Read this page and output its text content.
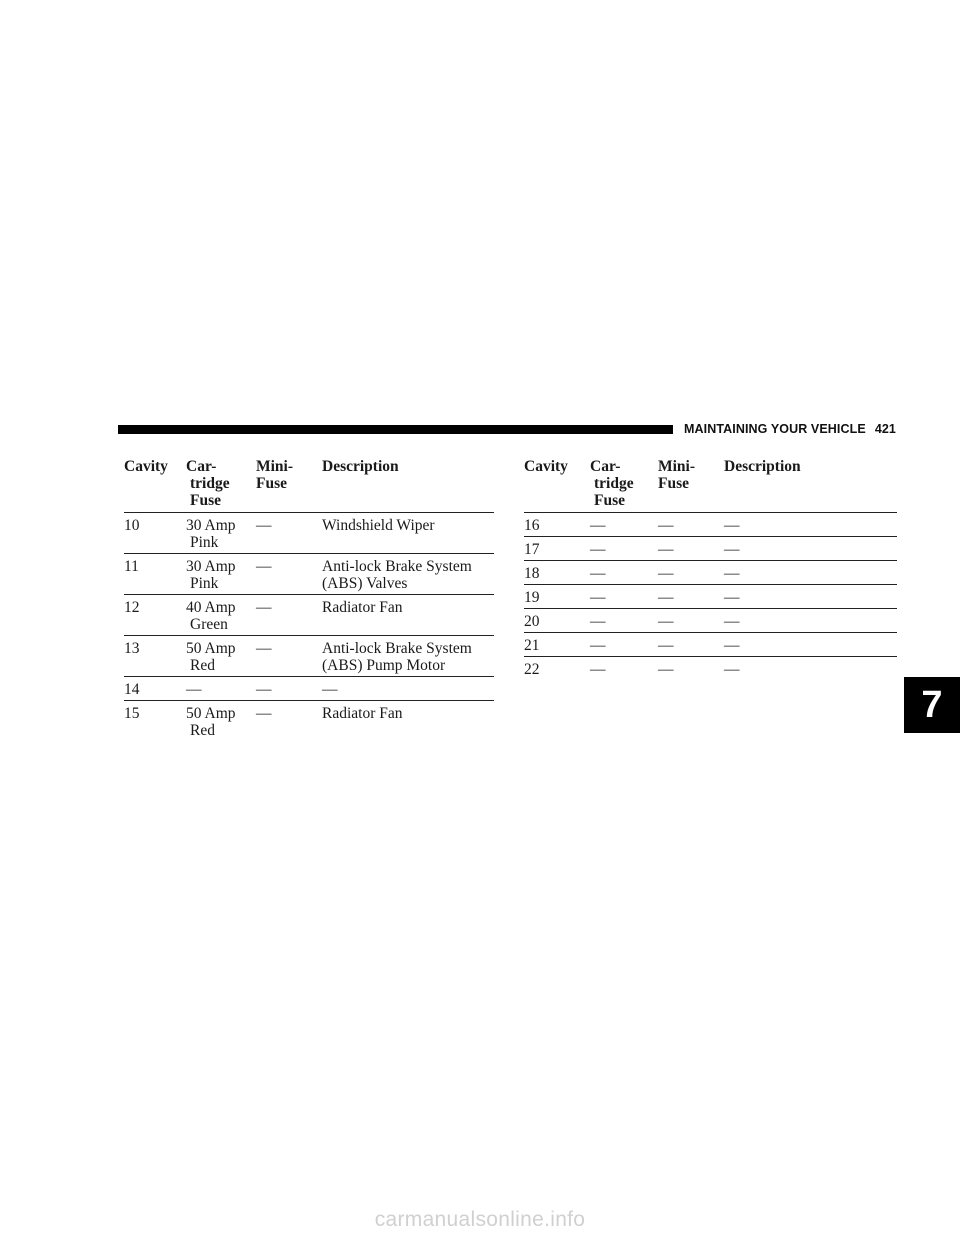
MAINTAINING YOUR VEHICLE 421
Cavity	Car-
tridge
Fuse	Mini-
Fuse	Description

10	30 Amp
Pink	—	Windshield Wiper

11	30 Amp
Pink	—	Anti-lock Brake System
(ABS) Valves

12	40 Amp
Green	—	Radiator Fan

13	50 Amp
Red	—	Anti-lock Brake System
(ABS) Pump Motor

14	—	—	—

15	50 Amp
Red	—	Radiator Fan
Cavity	Car-
tridge
Fuse	Mini-
Fuse	Description

16	—	—	—

17	—	—	—

18	—	—	—

19	—	—	—

20	—	—	—

21	—	—	—

22	—	—	—
7
carmanualsonline.info
